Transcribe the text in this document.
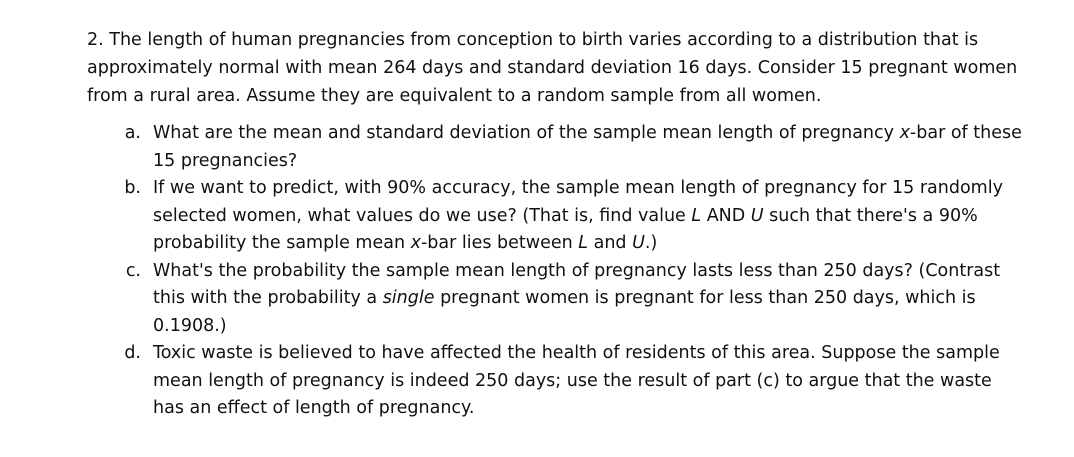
2. The length of human pregnancies from conception to birth varies according to a distribution that is approximately normal with mean 264 days and standard deviation 16 days. Consider 15 pregnant women from a rural area. Assume they are equivalent to a random sample from all women.

a. What are the mean and standard deviation of the sample mean length of pregnancy x-bar of these 15 pregnancies?
b. If we want to predict, with 90% accuracy, the sample mean length of pregnancy for 15 randomly selected women, what values do we use? (That is, find value L AND U such that there's a 90% probability the sample mean x-bar lies between L and U.)
c. What's the probability the sample mean length of pregnancy lasts less than 250 days? (Contrast this with the probability a single pregnant women is pregnant for less than 250 days, which is 0.1908.)
d. Toxic waste is believed to have affected the health of residents of this area. Suppose the sample mean length of pregnancy is indeed 250 days; use the result of part (c) to argue that the waste has an effect of length of pregnancy.
